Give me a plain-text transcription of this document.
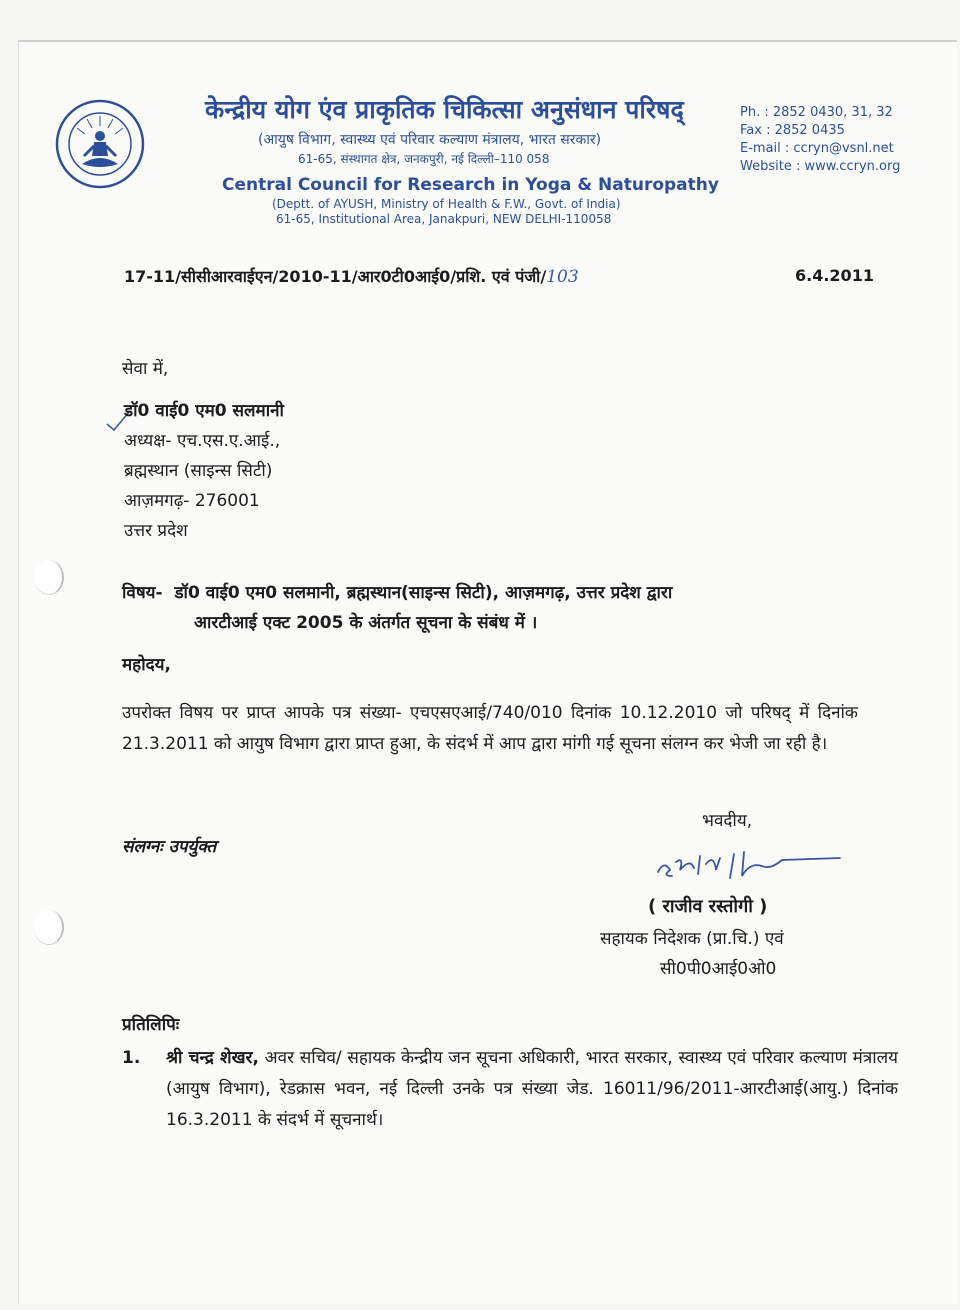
केन्द्रीय योग एंव प्राकृतिक चिकित्सा अनुसंधान परिषद्
(आयुष विभाग, स्वास्थ्य एवं परिवार कल्याण मंत्रालय, भारत सरकार)
61-65, संस्थागत क्षेत्र, जनकपुरी, नई दिल्ली–110 058
Central Council for Research in Yoga & Naturopathy
(Deptt. of AYUSH, Ministry of Health & F.W., Govt. of India)
61-65, Institutional Area, Janakpuri, NEW DELHI-110058
Ph. : 2852 0430, 31, 32
Fax : 2852 0435
E-mail : ccryn@vsnl.net
Website : www.ccryn.org
17-11/सीसीआरवाईएन/2010-11/आर0टी0आई0/प्रशि. एवं पंजी/103	6.4.2011
सेवा में,
डॉ0 वाई0 एम0 सलमानी
अध्यक्ष- एच.एस.ए.आई.,
ब्रह्मस्थान (साइन्स सिटी)
आज़मगढ़- 276001
उत्तर प्रदेश
विषय- डॉ0 वाई0 एम0 सलमानी, ब्रह्मस्थान(साइन्स सिटी), आज़मगढ़, उत्तर प्रदेश द्वारा
आरटीआई एक्ट 2005 के अंतर्गत सूचना के संबंध में ।
महोदय,
उपरोक्त विषय पर प्राप्त आपके पत्र संख्या- एचएसएआई/740/010 दिनांक 10.12.2010 जो परिषद् में दिनांक 21.3.2011 को आयुष विभाग द्वारा प्राप्त हुआ, के संदर्भ में आप द्वारा मांगी गई सूचना संलग्न कर भेजी जा रही है।
भवदीय,
संलग्नः उपर्युक्त
( राजीव रस्तोगी )
सहायक निदेशक (प्रा.चि.) एवं
सी0पी0आई0ओ0
प्रतिलिपिः
1. श्री चन्द्र शेखर, अवर सचिव/ सहायक केन्द्रीय जन सूचना अधिकारी, भारत सरकार, स्वास्थ्य एवं परिवार कल्याण मंत्रालय (आयुष विभाग), रेडक्रास भवन, नई दिल्ली उनके पत्र संख्या जेड. 16011/96/2011-आरटीआई(आयु.) दिनांक 16.3.2011 के संदर्भ में सूचनार्थ।
